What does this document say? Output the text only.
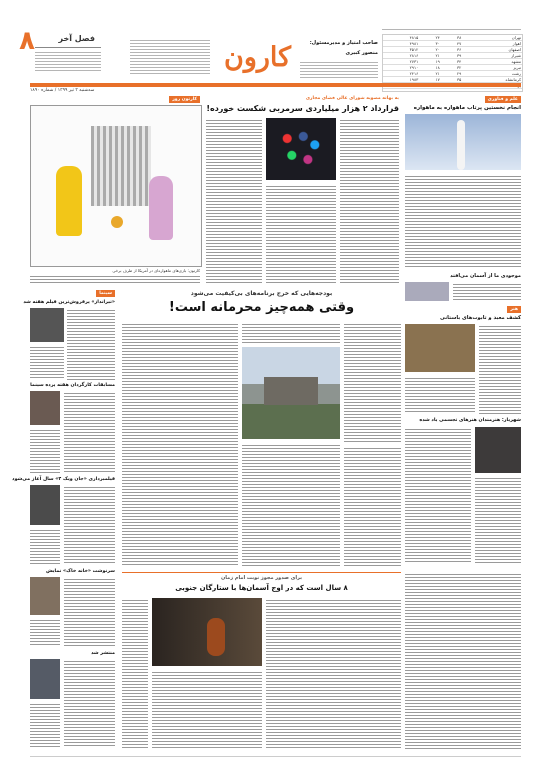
تهران	۳۸	۲۴	۴۸۱۵
اهواز	۴۷	۳۰	۴۹۸۱
اصفهان	۳۶	۲۰	۳۵۱۲
شیراز	۳۹	۲۱	۲۸۱۶
مشهد	۳۴	۱۹	۲۷۳۱
تبریز	۳۲	۱۸	۲۹۱۰
رشت	۲۹	۲۱	۲۴۱۶
کرمانشاه	۳۵	۱۷	۱۹۸۳

صاحب امتیاز و مدیرمسئول:
منصور کبیری
کارون
فصل آخر
۸
سه‌شنبه ۳ تیر ۱۳۹۹ / شماره ۱۸۹۰
علم و فناوری
انجام نخستین پرتاب ماهواره به ماهواره
موجودی ما از آسمان می‌افتد
به بهانه مصوبه شورای عالی فضای مجازی
قرارداد ۲ هزار میلیاردی سرمربی شکست خورده!
کارتون روز
کارتون: بازی‌های ماهواره‌ای در آمریکا از طرف برخی
سینما
«تیرانداز» پرفروش‌ترین فیلم هفته شد
مسابقات کارگردان هفته پرده سینما
فیلمبرداری «جان ویک ۴» سال آغاز می‌شود
سرنوشت «خانه خاک» نمایش
منتشر شد
بودجه‌هایی که خرج برنامه‌های بی‌کیفیت می‌شود
وقتی همه‌چیز محرمانه است!	هنر
کشف معبد و تابوت‌های باستانی
شهریار: هنرمندان هنرهای تجسمی یاد شده
برای صدور مجوز نوبت امام زمان
۸ سال است که در اوج آسمان‌ها با ستارگان جنوبی
